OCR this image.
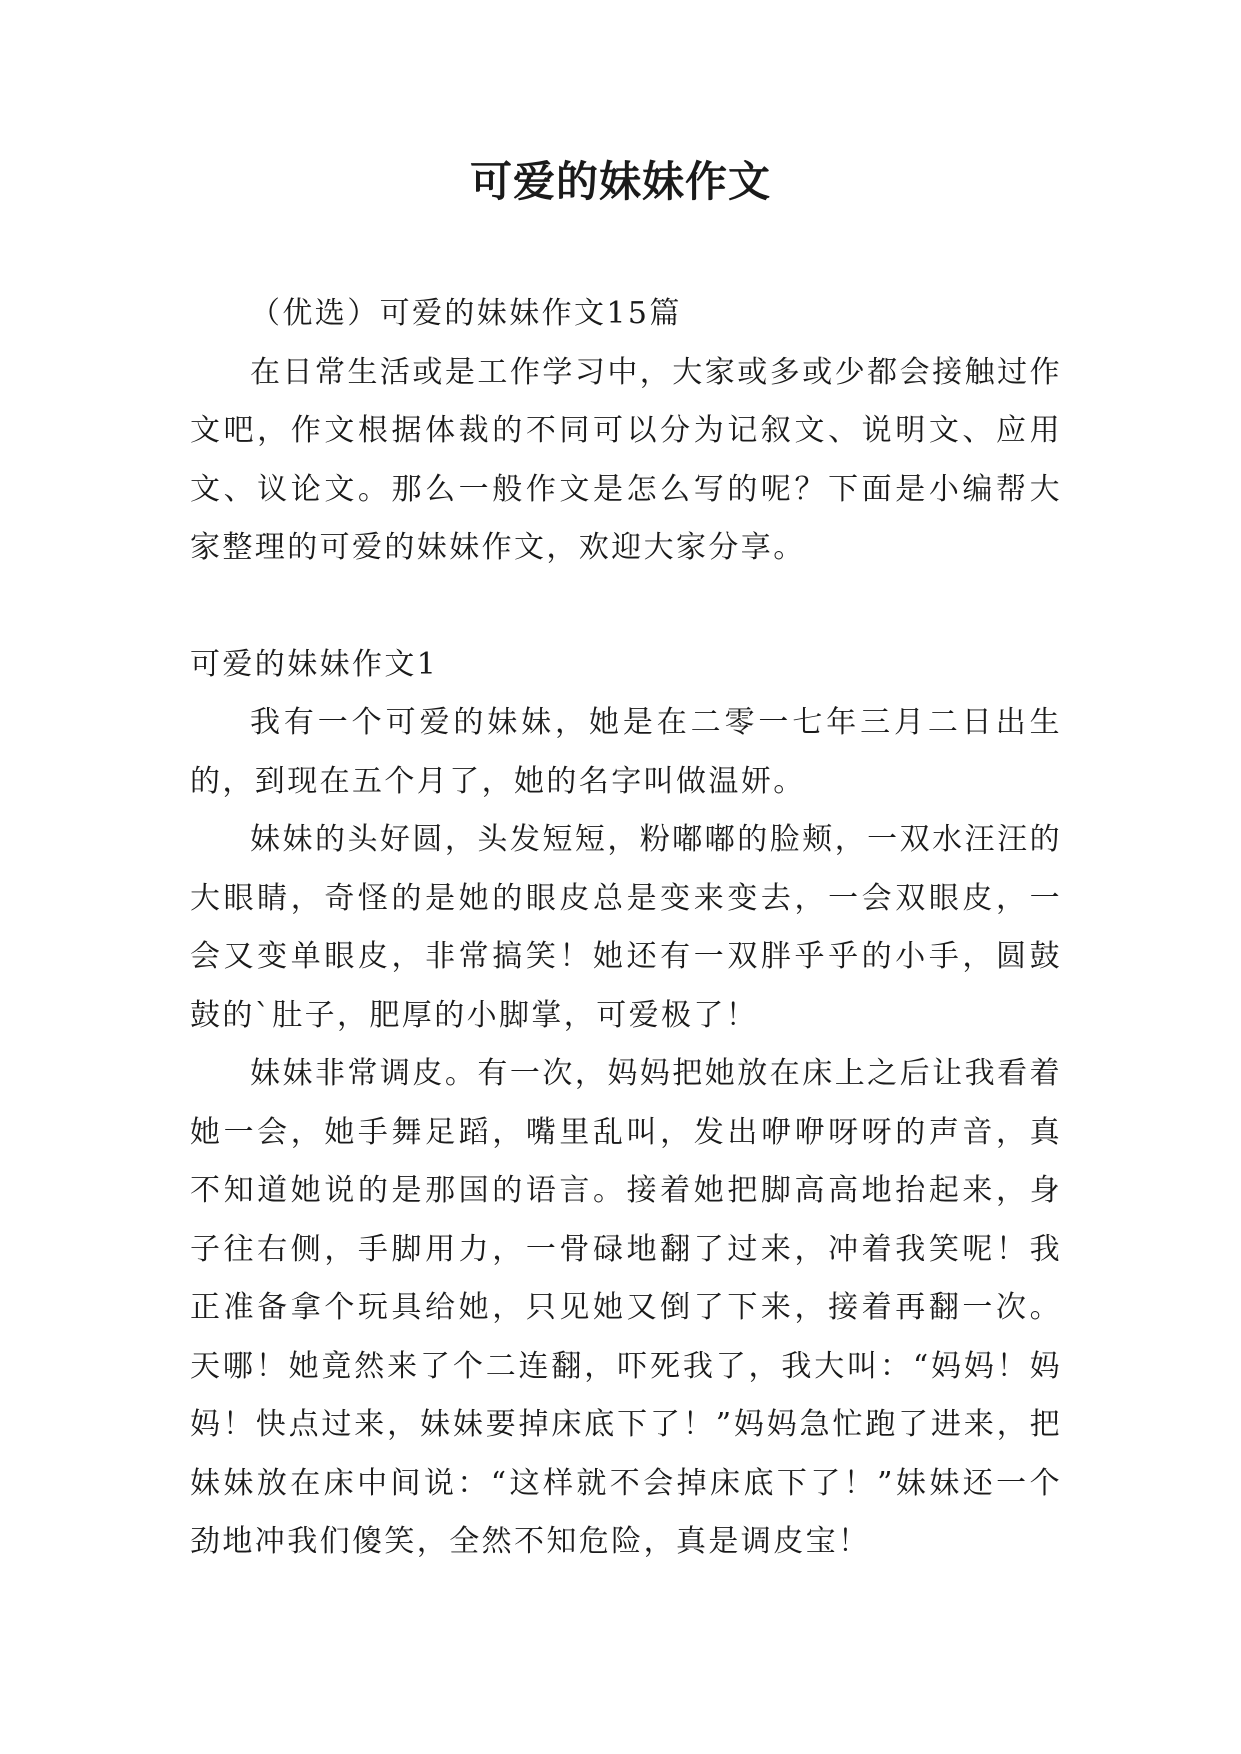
可爱的妹妹作文

（优选）可爱的妹妹作文15篇

在日常生活或是工作学习中，大家或多或少都会接触过作文吧，作文根据体裁的不同可以分为记叙文、说明文、应用文、议论文。那么一般作文是怎么写的呢？下面是小编帮大家整理的可爱的妹妹作文，欢迎大家分享。

可爱的妹妹作文1

我有一个可爱的妹妹，她是在二零一七年三月二日出生的，到现在五个月了，她的名字叫做温妍。

妹妹的头好圆，头发短短，粉嘟嘟的脸颊，一双水汪汪的大眼睛，奇怪的是她的眼皮总是变来变去，一会双眼皮，一会又变单眼皮，非常搞笑！她还有一双胖乎乎的小手，圆鼓鼓的`肚子，肥厚的小脚掌，可爱极了！

妹妹非常调皮。有一次，妈妈把她放在床上之后让我看着她一会，她手舞足蹈，嘴里乱叫，发出咿咿呀呀的声音，真不知道她说的是那国的语言。接着她把脚高高地抬起来，身子往右侧，手脚用力，一骨碌地翻了过来，冲着我笑呢！我正准备拿个玩具给她，只见她又倒了下来，接着再翻一次。天哪！她竟然来了个二连翻，吓死我了，我大叫：“妈妈！妈妈！快点过来，妹妹要掉床底下了！”妈妈急忙跑了进来，把妹妹放在床中间说：“这样就不会掉床底下了！”妹妹还一个劲地冲我们傻笑，全然不知危险，真是调皮宝！
